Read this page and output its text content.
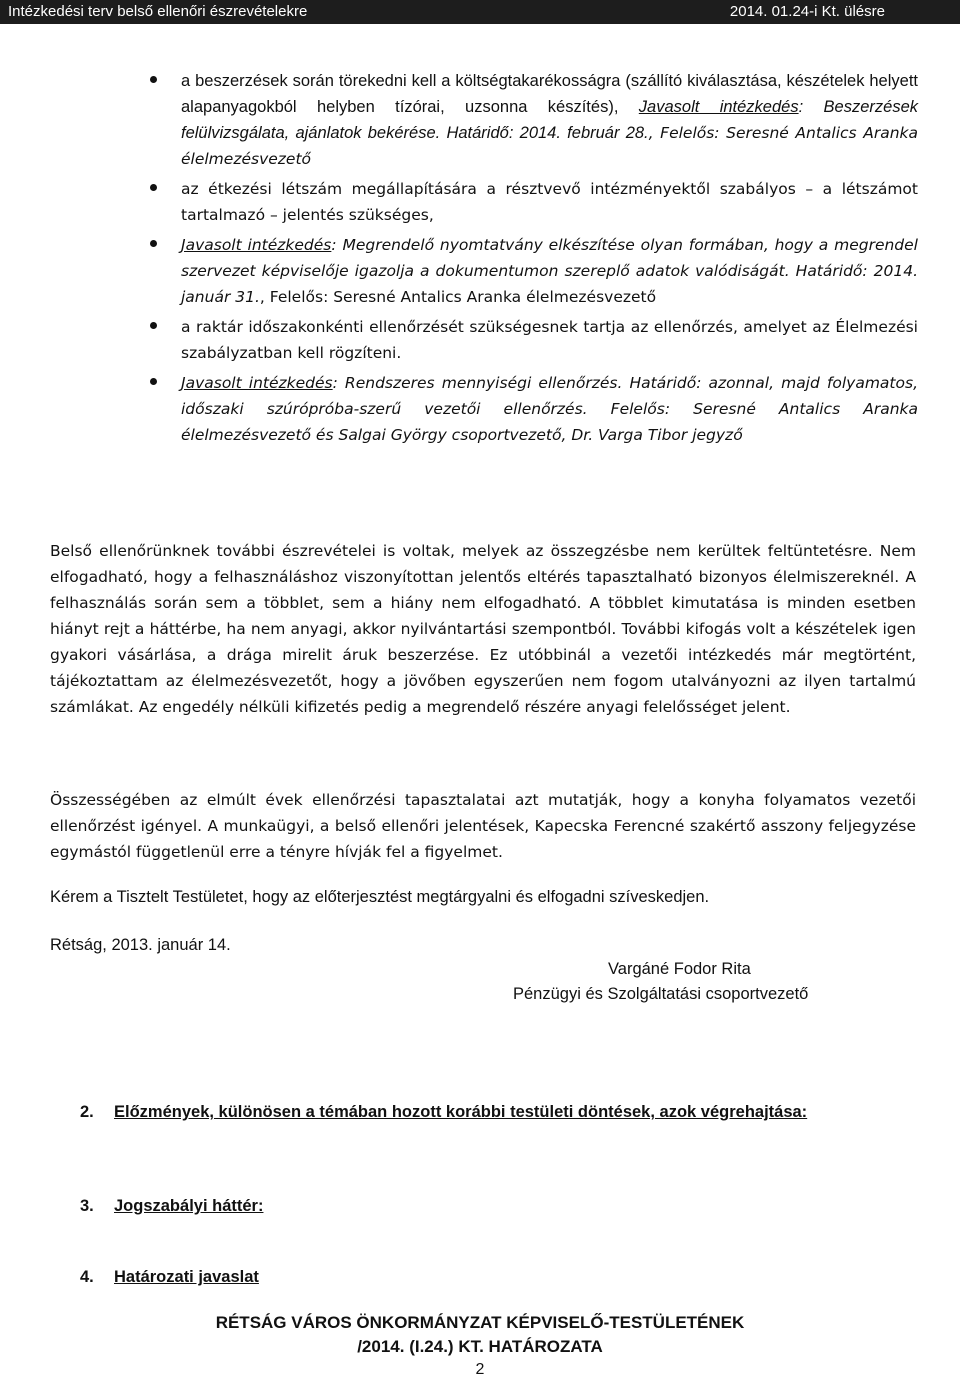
Intézkedési terv belső ellenőri észrevételekre	2014. 01.24-i Kt. ülésre
a beszerzések során törekedni kell a költségtakarékosságra (szállító kiválasztása, készételek helyett alapanyagokból helyben tízórai, uzsonna készítés), Javasolt intézkedés: Beszerzések felülvizsgálata, ajánlatok bekérése. Határidő: 2014. február 28., Felelős: Seresné Antalics Aranka élelmezésvezető
az étkezési létszám megállapítására a résztvevő intézményektől szabályos – a létszámot tartalmazó – jelentés szükséges,
Javasolt intézkedés: Megrendelő nyomtatvány elkészítése olyan formában, hogy a megrendel szervezet képviselője igazolja a dokumentumon szereplő adatok valódiságát. Határidő: 2014. január 31., Felelős: Seresné Antalics Aranka élelmezésvezető
a raktár időszakonkénti ellenőrzését szükségesnek tartja az ellenőrzés, amelyet az Élelmezési szabályzatban kell rögzíteni.
Javasolt intézkedés: Rendszeres mennyiségi ellenőrzés. Határidő: azonnal, majd folyamatos, időszaki szúrópróba-szerű vezetői ellenőrzés. Felelős: Seresné Antalics Aranka élelmezésvezető és Salgai György csoportvezető, Dr. Varga Tibor jegyző

Belső ellenőrünknek további észrevételei is voltak, melyek az összegzésbe nem kerültek feltüntetésre. Nem elfogadható, hogy a felhasználáshoz viszonyítottan jelentős eltérés tapasztalható bizonyos élelmiszereknél. A felhasználás során sem a többlet, sem a hiány nem elfogadható. A többlet kimutatása is minden esetben hiányt rejt a háttérbe, ha nem anyagi, akkor nyilvántartási szempontból. További kifogás volt a készételek igen gyakori vásárlása, a drága mirelit áruk beszerzése. Ez utóbbinál a vezetői intézkedés már megtörtént, tájékoztattam az élelmezésvezetőt, hogy a jövőben egyszerűen nem fogom utalványozni az ilyen tartalmú számlákat. Az engedély nélküli kifizetés pedig a megrendelő részére anyagi felelősséget jelent.

Összességében az elmúlt évek ellenőrzési tapasztalatai azt mutatják, hogy a konyha folyamatos vezetői ellenőrzést igényel. A munkaügyi, a belső ellenőri jelentések, Kapecska Ferencné szakértő asszony feljegyzése egymástól függetlenül erre a tényre hívják fel a figyelmet.

Kérem a Tisztelt Testületet, hogy az előterjesztést megtárgyalni és elfogadni szíveskedjen.

Rétság, 2013. január 14.

Vargáné Fodor Rita
Pénzügyi és Szolgáltatási csoportvezető
2. Előzmények, különösen a témában hozott korábbi testületi döntések, azok végrehajtása:
3. Jogszabályi háttér:
4. Határozati javaslat
RÉTSÁG VÁROS ÖNKORMÁNYZAT KÉPVISELŐ-TESTÜLETÉNEK
/2014. (I.24.) KT. HATÁROZATA
2
